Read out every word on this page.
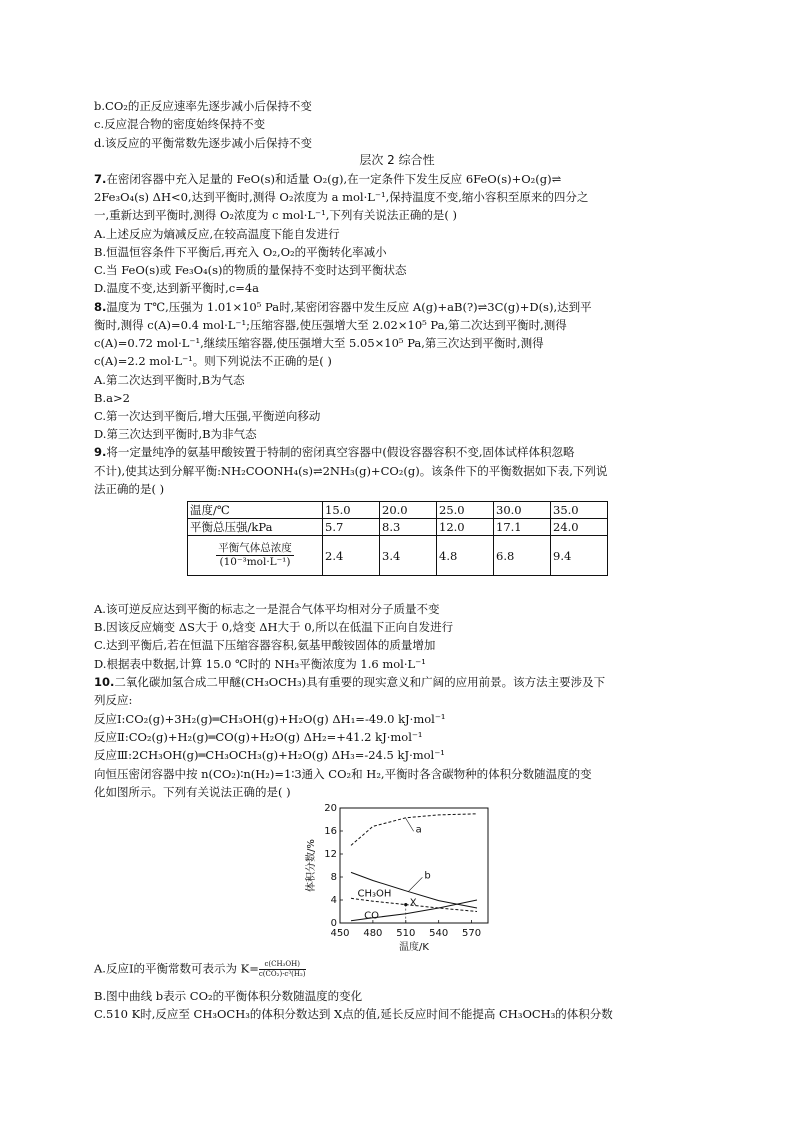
b.CO₂的正反应速率先逐步减小后保持不变
c.反应混合物的密度始终保持不变
d.该反应的平衡常数先逐步减小后保持不变
层次 2 综合性
7.在密闭容器中充入足量的 FeO(s)和适量 O₂(g),在一定条件下发生反应 6FeO(s)+O₂(g)⇌
2Fe₃O₄(s) ΔH<0,达到平衡时,测得 O₂浓度为 a mol·L⁻¹,保持温度不变,缩小容积至原来的四分之
一,重新达到平衡时,测得 O₂浓度为 c mol·L⁻¹,下列有关说法正确的是( )
A.上述反应为熵减反应,在较高温度下能自发进行
B.恒温恒容条件下平衡后,再充入 O₂,O₂的平衡转化率减小
C.当 FeO(s)或 Fe₃O₄(s)的物质的量保持不变时达到平衡状态
D.温度不变,达到新平衡时,c=4a
8.温度为 T℃,压强为 1.01×10⁵ Pa时,某密闭容器中发生反应 A(g)+aB(?)⇌3C(g)+D(s),达到平
衡时,测得 c(A)=0.4 mol·L⁻¹;压缩容器,使压强增大至 2.02×10⁵ Pa,第二次达到平衡时,测得
c(A)=0.72 mol·L⁻¹,继续压缩容器,使压强增大至 5.05×10⁵ Pa,第三次达到平衡时,测得
c(A)=2.2 mol·L⁻¹。则下列说法不正确的是( )
A.第二次达到平衡时,B为气态
B.a>2
C.第一次达到平衡后,增大压强,平衡逆向移动
D.第三次达到平衡时,B为非气态
9.将一定量纯净的氨基甲酸铵置于特制的密闭真空容器中(假设容器容积不变,固体试样体积忽略
不计),使其达到分解平衡:NH₂COONH₄(s)⇌2NH₃(g)+CO₂(g)。该条件下的平衡数据如下表,下列说
法正确的是( )
温度/℃	15.0	20.0	25.0	30.0	35.0
平衡总压强/kPa	5.7	8.3	12.0	17.1	24.0

平衡气体总浓度
(10⁻³mol·L⁻¹)	2.4	3.4	4.8	6.8	9.4
A.该可逆反应达到平衡的标志之一是混合气体平均相对分子质量不变
B.因该反应熵变 ΔS大于 0,焓变 ΔH大于 0,所以在低温下正向自发进行
C.达到平衡后,若在恒温下压缩容器容积,氨基甲酸铵固体的质量增加
D.根据表中数据,计算 15.0 ℃时的 NH₃平衡浓度为 1.6 mol·L⁻¹
10.二氧化碳加氢合成二甲醚(CH₃OCH₃)具有重要的现实意义和广阔的应用前景。该方法主要涉及下
列反应:
反应Ⅰ:CO₂(g)+3H₂(g)═CH₃OH(g)+H₂O(g) ΔH₁=-49.0 kJ·mol⁻¹
反应Ⅱ:CO₂(g)+H₂(g)═CO(g)+H₂O(g) ΔH₂=+41.2 kJ·mol⁻¹
反应Ⅲ:2CH₃OH(g)═CH₃OCH₃(g)+H₂O(g) ΔH₃=-24.5 kJ·mol⁻¹
向恒压密闭容器中按 n(CO₂)∶n(H₂)=1∶3通入 CO₂和 H₂,平衡时各含碳物种的体积分数随温度的变
化如图所示。下列有关说法正确的是( )
0
4
8
12
16
20
450 480 510 540 570
温度/K
体积分数/%
a
b
CH₃OH
CO
X
A.反应Ⅰ的平衡常数可表示为 $K= \frac{\text{c(CH₃OH)}}{\text{c(CO₂)·c³(H₂)}}$
B.图中曲线 b表示 CO₂的平衡体积分数随温度的变化
C.510 K时,反应至 CH₃OCH₃的体积分数达到 X点的值,延长反应时间不能提高 CH₃OCH₃的体积分数
